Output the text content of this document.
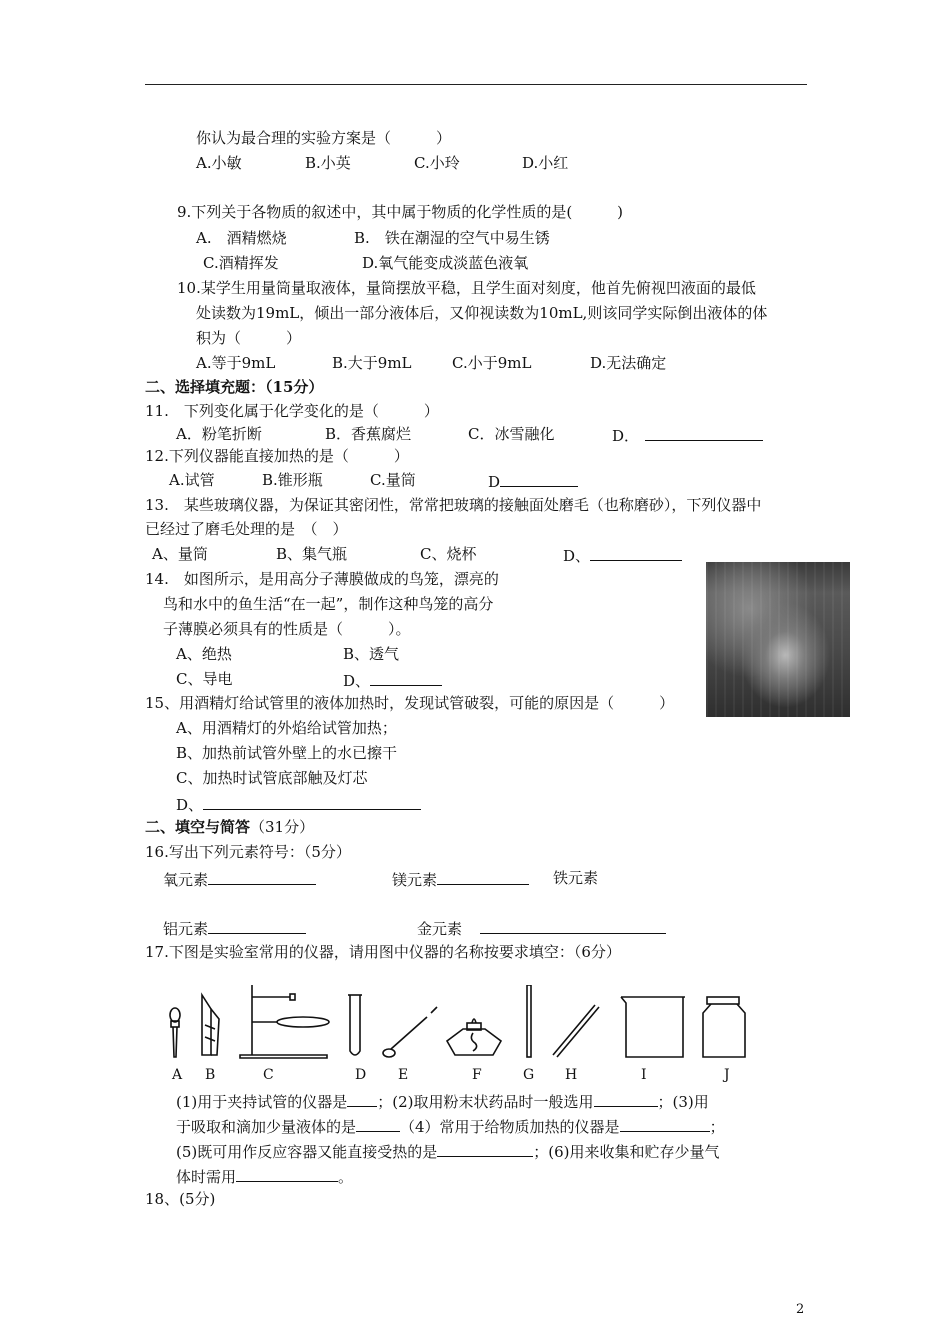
你认为最合理的实验方案是（　　　）
A.小敏	B.小英	C.小玲	D.小红
9.下列关于各物质的叙述中，其中属于物质的化学性质的是(　　　)
A.　酒精燃烧	B.　铁在潮湿的空气中易生锈
C.酒精挥发	D.氧气能变成淡蓝色液氧
10.某学生用量筒量取液体，量筒摆放平稳，且学生面对刻度，他首先俯视凹液面的最低
处读数为19mL，倾出一部分液体后，又仰视读数为10mL,则该同学实际倒出液体的体
积为（　　　）
A.等于9mL	B.大于9mL	C.小于9mL	D.无法确定
二、选择填充题：（15分）
11.　下列变化属于化学变化的是（　　　）
A．粉笔折断	B．香蕉腐烂	C．冰雪融化	D．
12.下列仪器能直接加热的是（　　　）
A.试管	B.锥形瓶	C.量筒	D
13.　某些玻璃仪器，为保证其密闭性，常常把玻璃的接触面处磨毛（也称磨砂），下列仪器中
已经过了磨毛处理的是　（　）
A、量筒	B、集气瓶	C、烧杯	D、
14.　如图所示，是用高分子薄膜做成的鸟笼，漂亮的
鸟和水中的鱼生活“在一起”，制作这种鸟笼的高分
子薄膜必须具有的性质是（　　　）。
A、绝热	B、透气
C、导电	D、
15、用酒精灯给试管里的液体加热时，发现试管破裂，可能的原因是（　　　）
A、用酒精灯的外焰给试管加热；
B、加热前试管外壁上的水已擦干
C、加热时试管底部触及灯芯
D、
二、填空与简答（31分）
16.写出下列元素符号：（5分）
氧元素	镁元素	铁元素
铝元素	金元素
17.下图是实验室常用的仪器，请用图中仪器的名称按要求填空：（6分）
A B	C	D E	F	G H	I	J
(1)用于夹持试管的仪器是 ；(2)取用粉末状药品时一般选用	；(3)用
于吸取和滴加少量液体的是	（4）常用于给物质加热的仪器是	；
(5)既可用作反应容器又能直接受热的是	；(6)用来收集和贮存少量气
体时需用	。
18、(5分)
2
